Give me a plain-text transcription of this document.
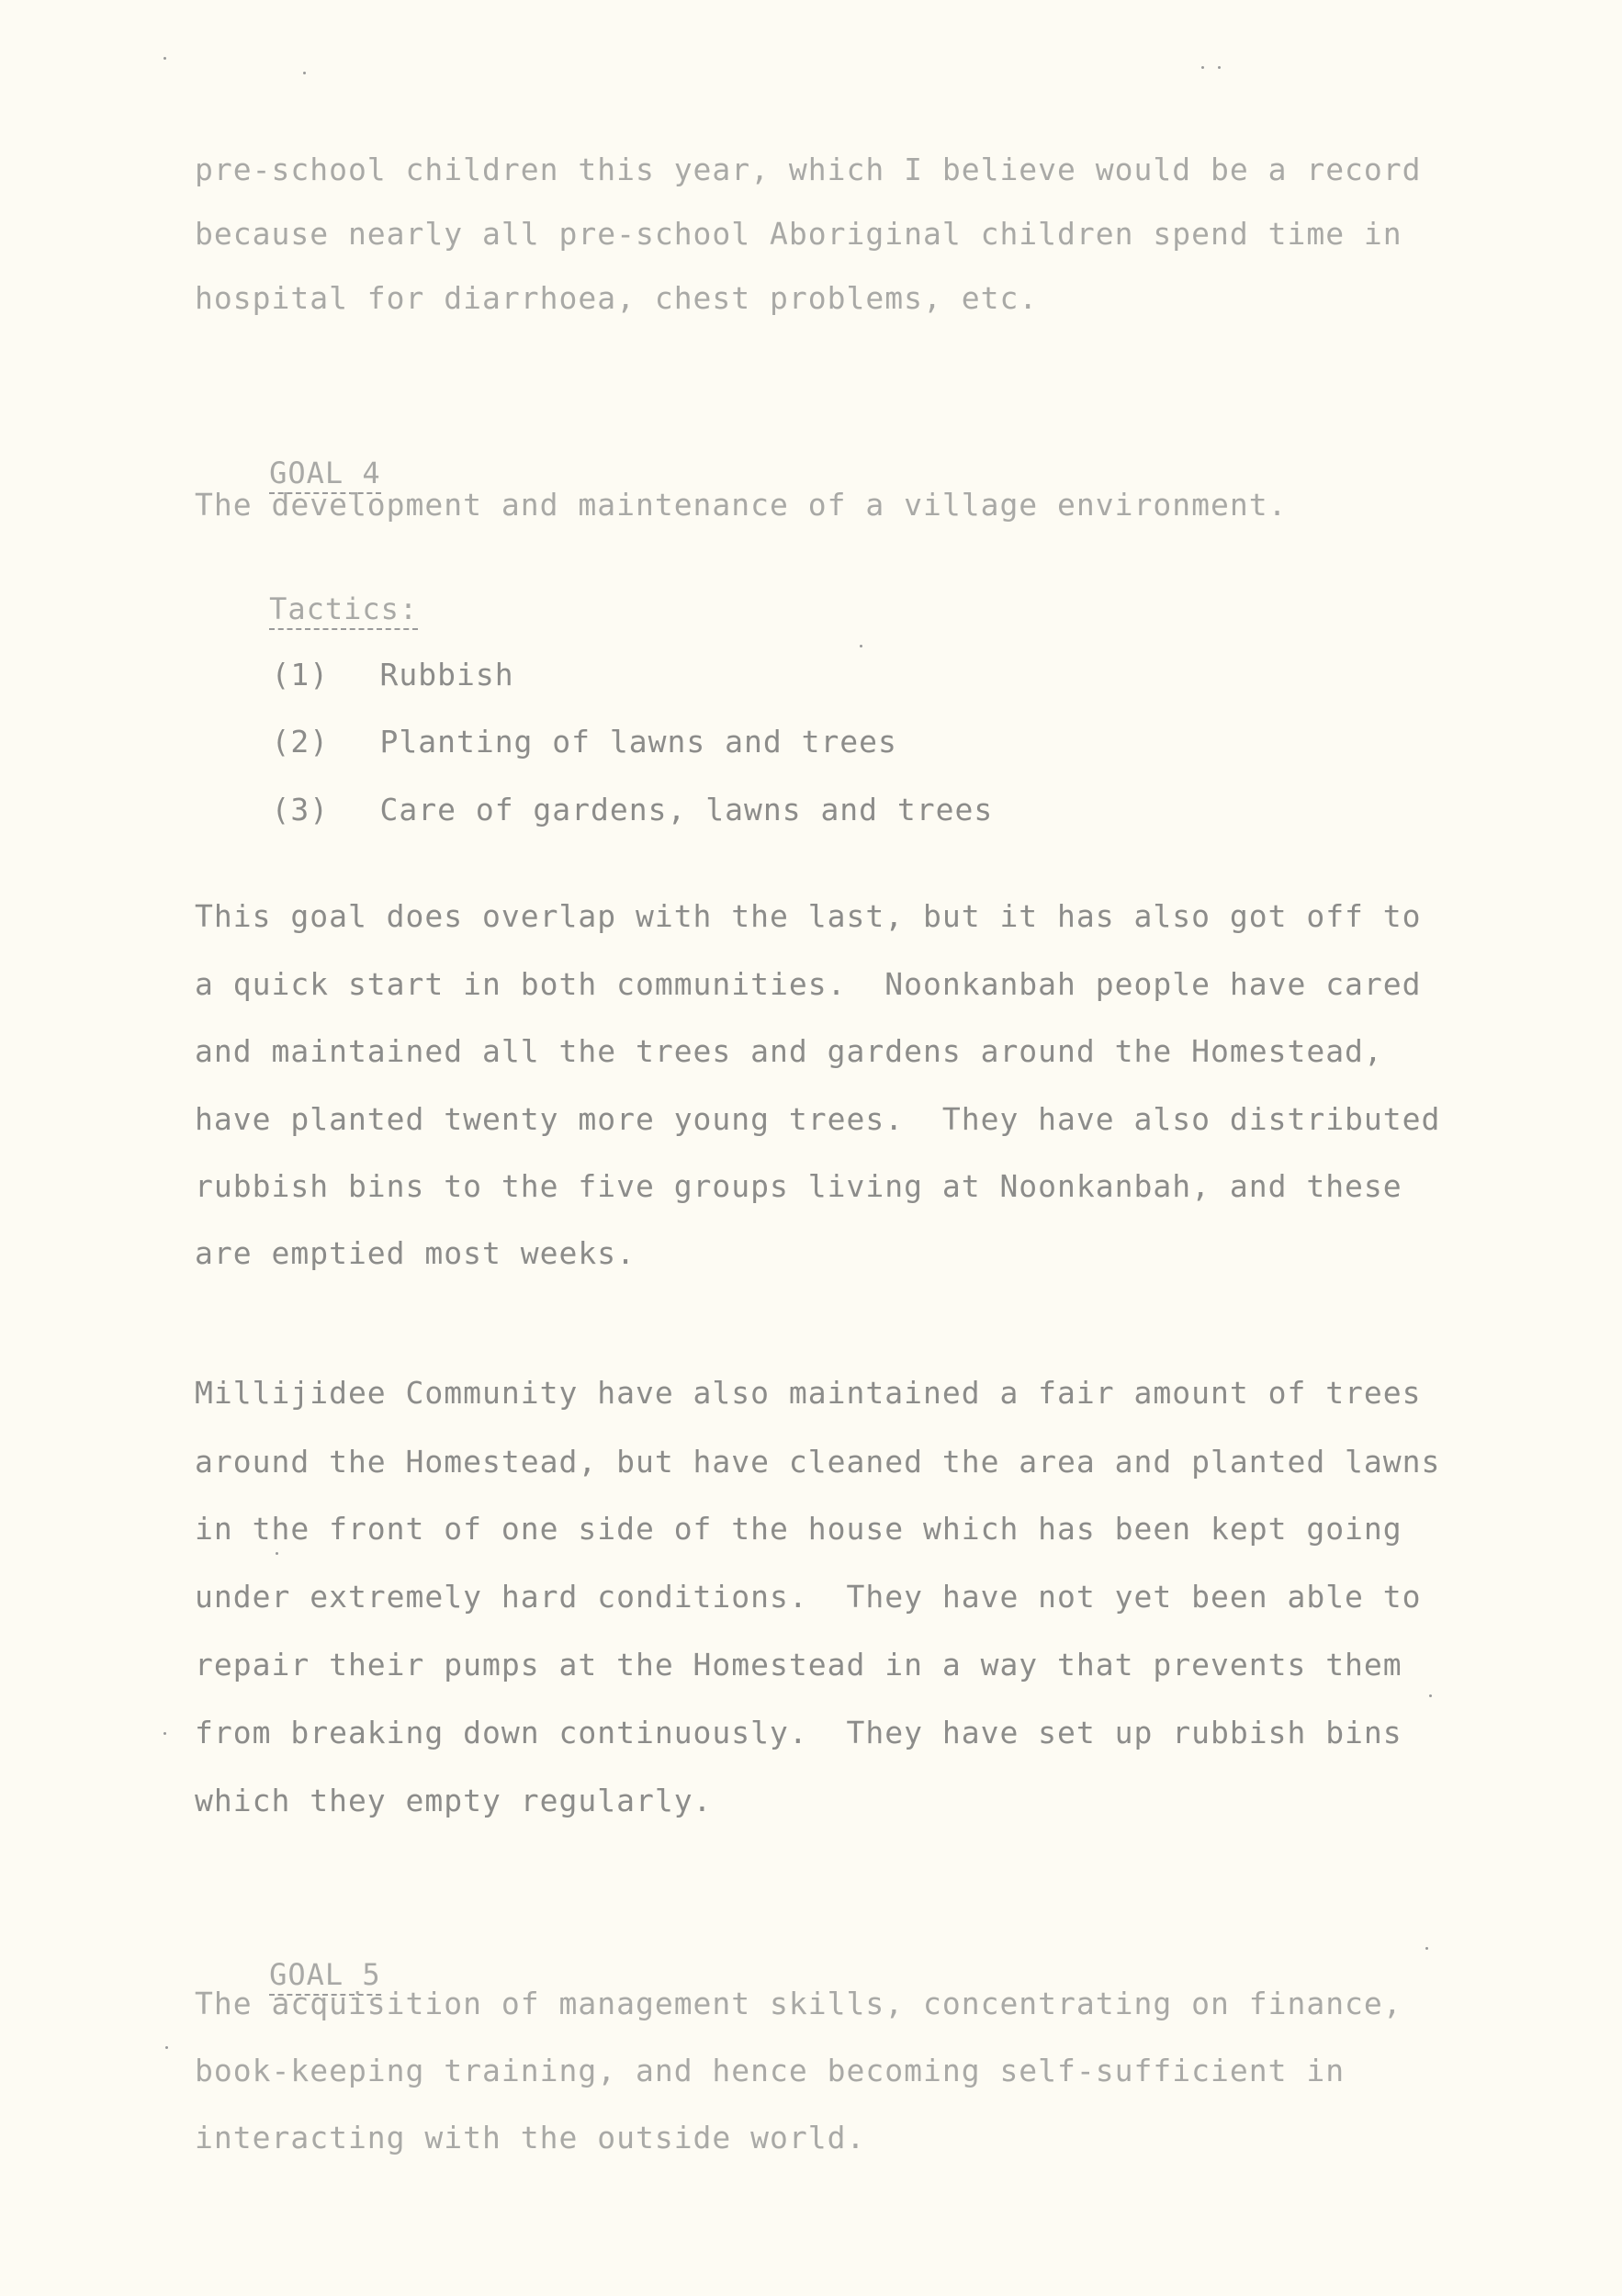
pre-school children this year, which I believe would be a record
because nearly all pre-school Aboriginal children spend time in
hospital for diarrhoea, chest problems, etc.

GOAL 4

The development and maintenance of a village environment.

Tactics:

(1) Rubbish

(2) Planting of lawns and trees

(3) Care of gardens, lawns and trees

This goal does overlap with the last, but it has also got off to
a quick start in both communities.  Noonkanbah people have cared
and maintained all the trees and gardens around the Homestead,
have planted twenty more young trees.  They have also distributed
rubbish bins to the five groups living at Noonkanbah, and these
are emptied most weeks.
Millijidee Community have also maintained a fair amount of trees
around the Homestead, but have cleaned the area and planted lawns
in the front of one side of the house which has been kept going
under extremely hard conditions.  They have not yet been able to
repair their pumps at the Homestead in a way that prevents them
from breaking down continuously.  They have set up rubbish bins
which they empty regularly.

GOAL 5

The acquisition of management skills, concentrating on finance,
book-keeping training, and hence becoming self-sufficient in
interacting with the outside world.
